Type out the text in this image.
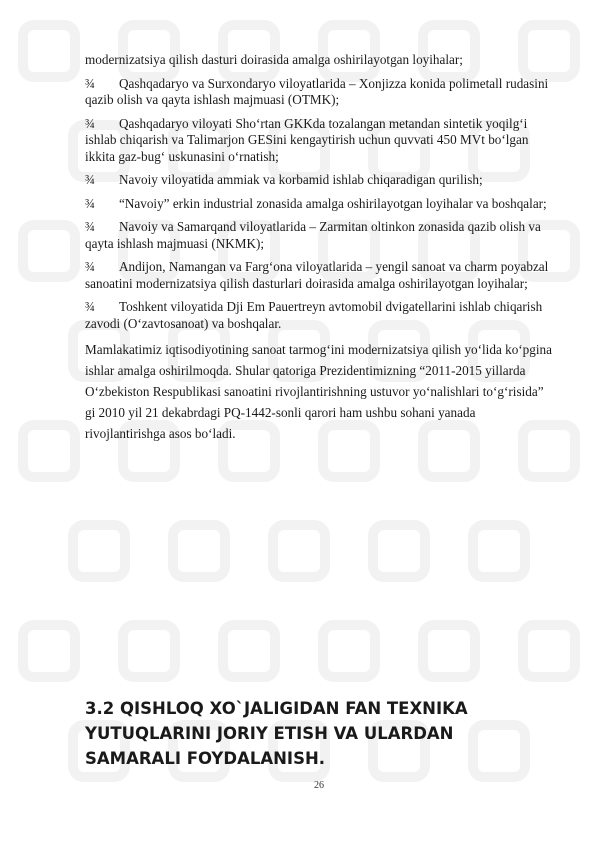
modernizatsiya qilish dasturi doirasida amalga oshirilayotgan loyihalar;

¾ Qashqadaryo va Surxondaryo viloyatlarida – Xonjizza konida polimetall rudasini qazib olish va qayta ishlash majmuasi (OTMK);

¾ Qashqadaryo viloyati Sho‘rtan GKKda tozalangan metandan sintetik yoqilg‘i ishlab chiqarish va Talimarjon GESini kengaytirish uchun quvvati 450 MVt bo‘lgan ikkita gaz-bug‘ uskunasini o‘rnatish;

¾ Navoiy viloyatida ammiak va korbamid ishlab chiqaradigan qurilish;

¾ “Navoiy” erkin industrial zonasida amalga oshirilayotgan loyihalar va boshqalar;

¾ Navoiy va Samarqand viloyatlarida – Zarmitan oltinkon zonasida qazib olish va qayta ishlash majmuasi (NKMK);

¾ Andijon, Namangan va Farg‘ona viloyatlarida – yengil sanoat va charm poyabzal sanoatini modernizatsiya qilish dasturlari doirasida amalga oshirilayotgan loyihalar;

¾ Toshkent viloyatida Dji Em Pauertreyn avtomobil dvigatellarini ishlab chiqarish zavodi (O‘zavtosanoat) va boshqalar.

Mamlakatimiz iqtisodiyotining sanoat tarmog‘ini modernizatsiya qilish yo‘lida ko‘pgina ishlar amalga oshirilmoqda. Shular qatoriga Prezidentimizning “2011-2015 yillarda O‘zbekiston Respublikasi sanoatini rivojlantirishning ustuvor yo‘nalishlari to‘g‘risida” gi 2010 yil 21 dekabrdagi PQ-1442-sonli qarori ham ushbu sohani yanada rivojlantirishga asos bo‘ladi.

3.2 QISHLOQ XO`JALIGIDAN FAN TEXNIKA YUTUQLARINI JORIY ETISH VA ULARDAN SAMARALI FOYDALANISH.
26
